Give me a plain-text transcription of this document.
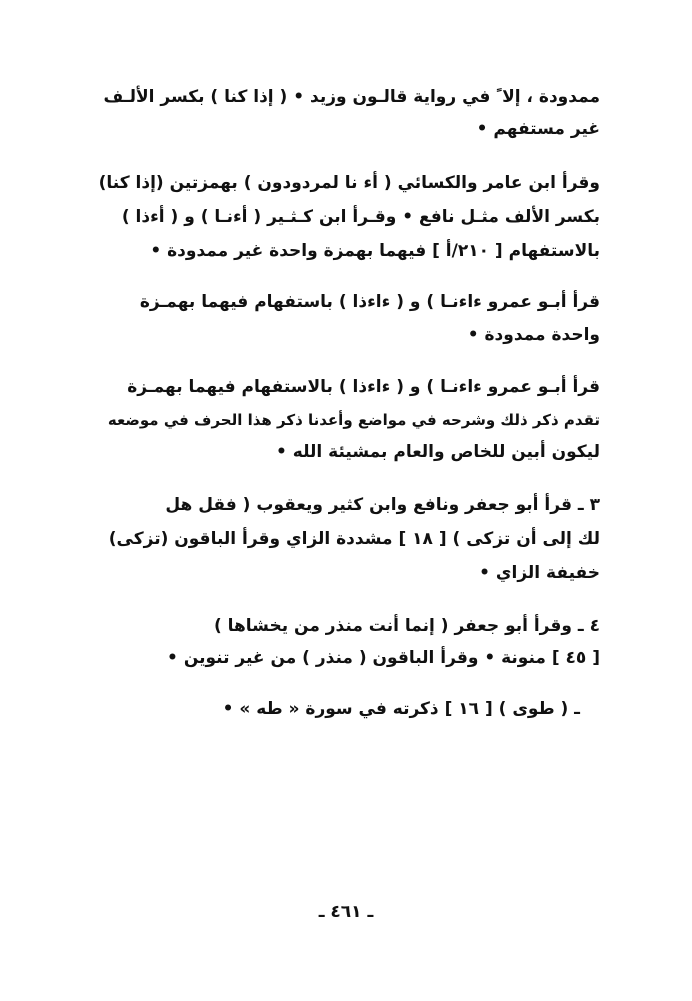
ممدودة ، إلا ً في رواية قالـون وزيد • ( إذا كنا ) بكسر الألـف
غير مستفهم •
وقرأ ابن عامر والكسائي ( أء نا لمردودون ) بهمزتين (إذا كنا)
بكسر الألف مثـل نافع • وقـرأ ابن كـثـير ( أءنـا ) و ( أءذا )
بالاستفهام [ ٢١٠/أ ] فيهما بهمزة واحدة غير ممدودة •
قرأ أبـو عمرو ءاءنـا ) و ( ءاءذا ) باستفهام فيهما بهمـزة
واحدة ممدودة •
قرأ أبـو عمرو ءاءنـا ) و ( ءاءذا ) بالاستفهام فيهما بهمـزة
تقدم ذكر ذلك وشرحه في مواضع وأعدنا ذكر هذا الحرف في موضعه
ليكون أبين للخاص والعام بمشيئة الله •
٣ ـ قرأ أبو جعفر ونافع وابن كثير ويعقوب ( فقل هل
لك إلى أن تزكى ) [ ١٨ ] مشددة الزاي وقرأ الباقون (تزكى)
خفيفة الزاي •
٤ ـ وقرأ أبو جعفر ( إنما أنت منذر من يخشاها )
[ ٤٥ ] منونة • وقرأ الباقون ( منذر ) من غير تنوين •
ـ ( طوى ) [ ١٦ ] ذكرته في سورة « طه » •
ـ ٤٦١ ـ
